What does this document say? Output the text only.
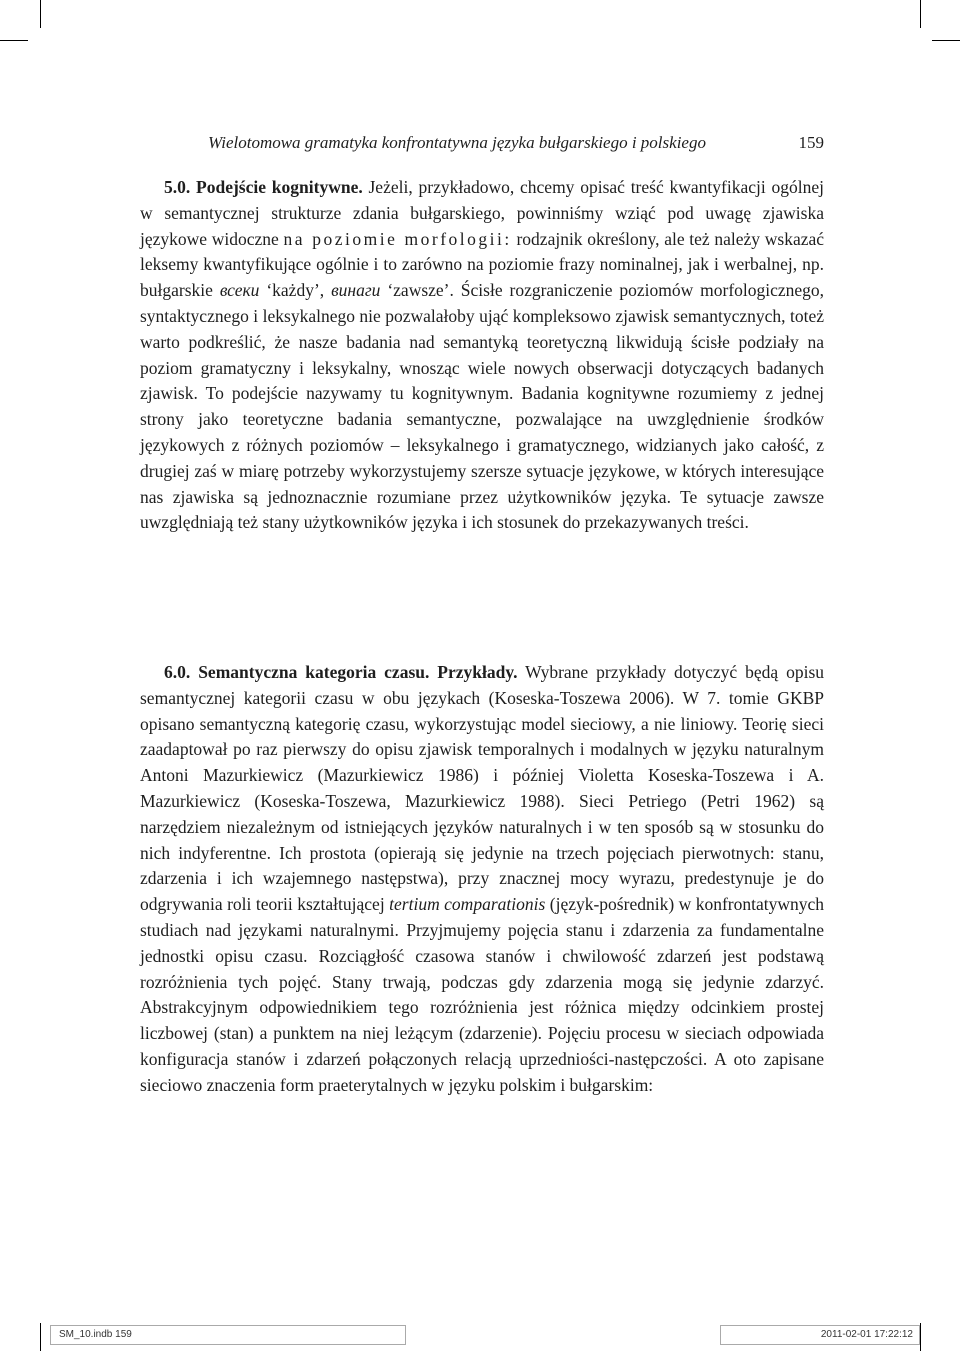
Wielotomowa gramatyka konfrontatywna języka bułgarskiego i polskiego	159

5.0. Podejście kognitywne. Jeżeli, przykładowo, chcemy opisać treść kwantyfikacji ogólnej w semantycznej strukturze zdania bułgarskiego, powinniśmy wziąć pod uwagę zjawiska językowe widoczne na poziomie morfologii: rodzajnik określony, ale też należy wskazać leksemy kwantyfikujące ogólnie i to zarówno na poziomie frazy nominalnej, jak i werbalnej, np. bułgarskie всеки ‘każdy’, винаги ‘zawsze’. Ścisłe rozgraniczenie poziomów morfologicznego, syntaktycznego i leksykalnego nie pozwalałoby ująć kompleksowo zjawisk semantycznych, toteż warto podkreślić, że nasze badania nad semantyką teoretyczną likwidują ścisłe podziały na poziom gramatyczny i leksykalny, wnosząc wiele nowych obserwacji dotyczących badanych zjawisk. To podejście nazywamy tu kognitywnym. Badania kognitywne rozumiemy z jednej strony jako teoretyczne badania semantyczne, pozwalające na uwzględnienie środków językowych z różnych poziomów – leksykalnego i gramatycznego, widzianych jako całość, z drugiej zaś w miarę potrzeby wykorzystujemy szersze sytuacje językowe, w których interesujące nas zjawiska są jednoznacznie rozumiane przez użytkowników języka. Te sytuacje zawsze uwzględniają też stany użytkowników języka i ich stosunek do przekazywanych treści.

6.0. Semantyczna kategoria czasu. Przykłady. Wybrane przykłady dotyczyć będą opisu semantycznej kategorii czasu w obu językach (Koseska-Toszewa 2006). W 7. tomie GKBP opisano semantyczną kategorię czasu, wykorzystując model sieciowy, a nie liniowy. Teorię sieci zaadaptował po raz pierwszy do opisu zjawisk temporalnych i modalnych w języku naturalnym Antoni Mazurkiewicz (Mazurkiewicz 1986) i później Violetta Koseska-Toszewa i A. Mazurkiewicz (Koseska-Toszewa, Mazurkiewicz 1988). Sieci Petriego (Petri 1962) są narzędziem niezależnym od istniejących języków naturalnych i w ten sposób są w stosunku do nich indyferentne. Ich prostota (opierają się jedynie na trzech pojęciach pierwotnych: stanu, zdarzenia i ich wzajemnego następstwa), przy znacznej mocy wyrazu, predestynuje je do odgrywania roli teorii kształtującej tertium comparationis (język-pośrednik) w konfrontatywnych studiach nad językami naturalnymi. Przyjmujemy pojęcia stanu i zdarzenia za fundamentalne jednostki opisu czasu. Rozciągłość czasowa stanów i chwilowość zdarzeń jest podstawą rozróżnienia tych pojęć. Stany trwają, podczas gdy zdarzenia mogą się jedynie zdarzyć. Abstrakcyjnym odpowiednikiem tego rozróżnienia jest różnica między odcinkiem prostej liczbowej (stan) a punktem na niej leżącym (zdarzenie). Pojęciu procesu w sieciach odpowiada konfiguracja stanów i zdarzeń połączonych relacją uprzedniości-następczości. A oto zapisane sieciowo znaczenia form praeterytalnych w języku polskim i bułgarskim:

SM_10.indb 159	2011-02-01 17:22:12
